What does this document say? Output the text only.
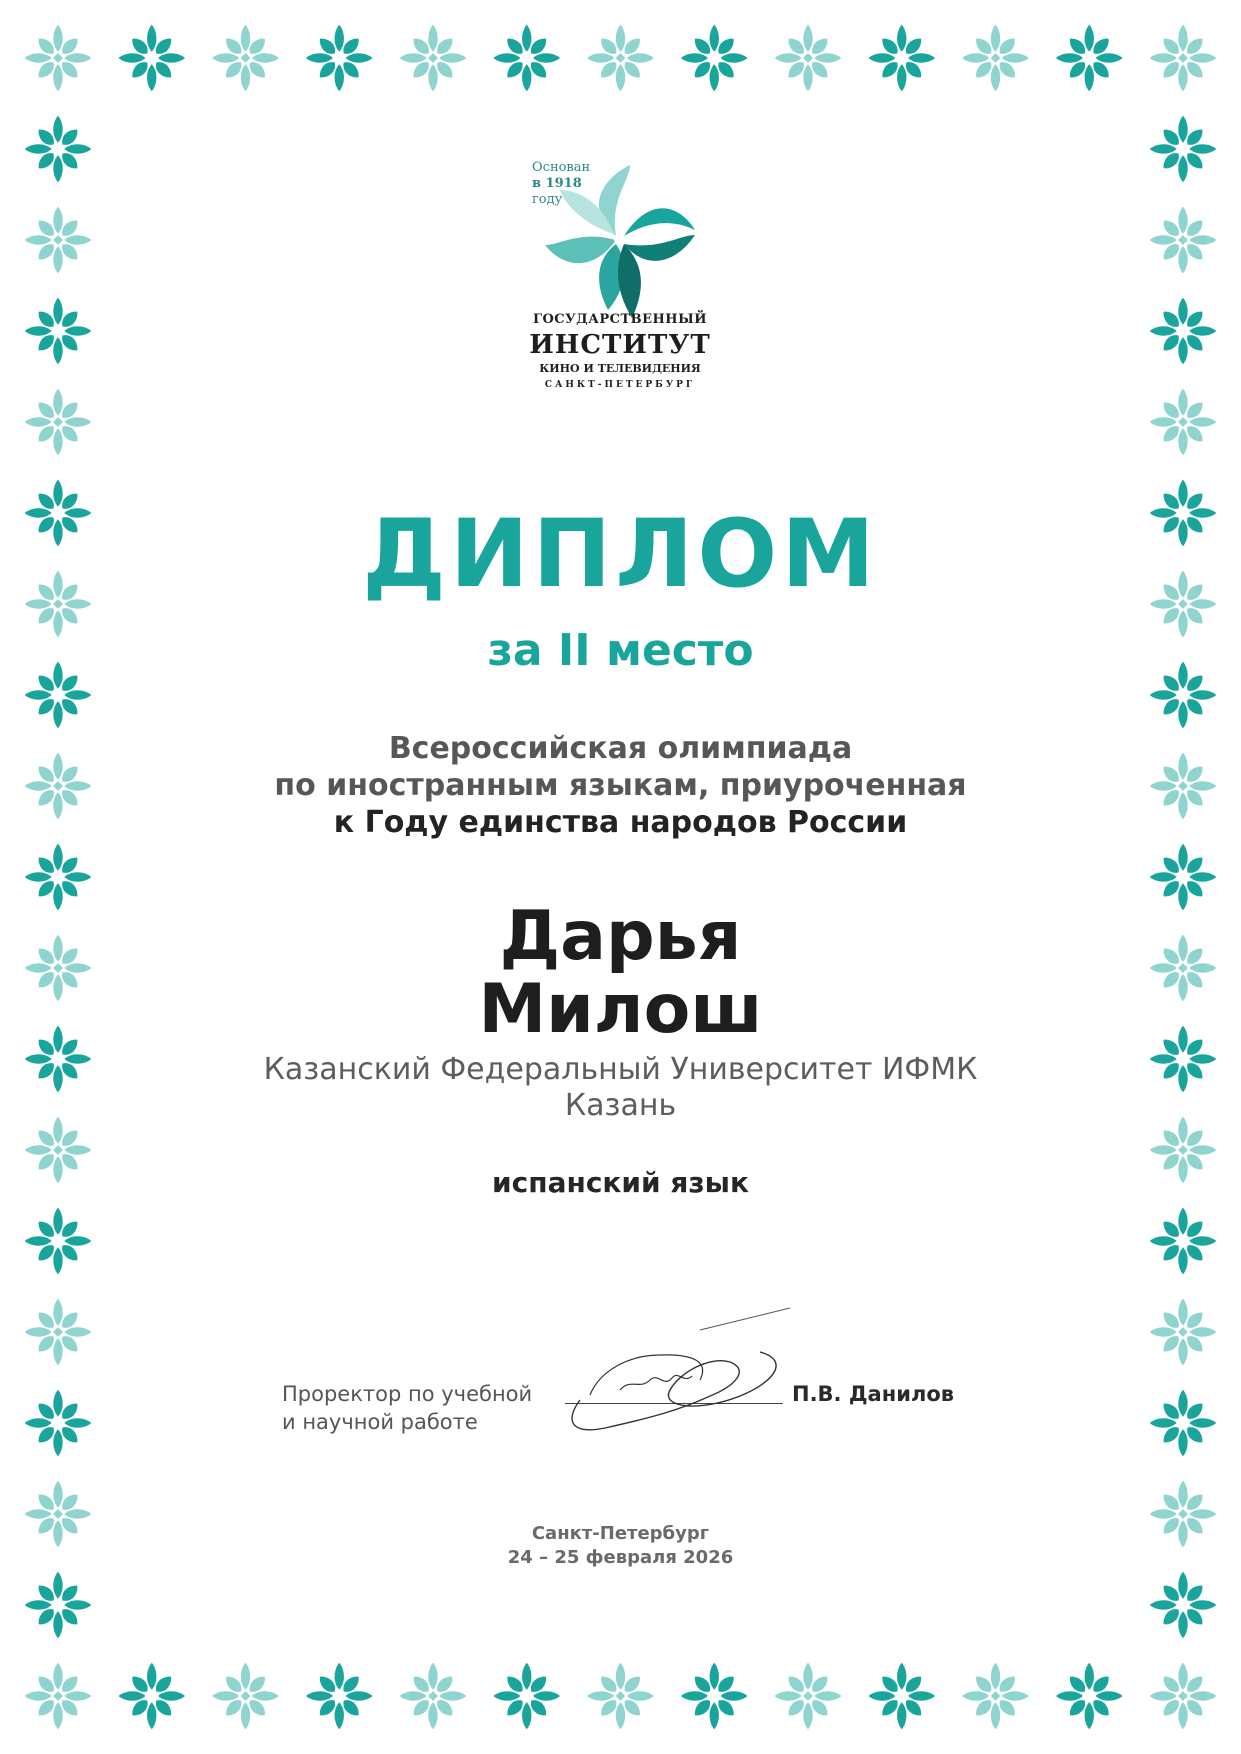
Основан
в 1918
году
ГОСУДАРСТВЕННЫЙ
ИНСТИТУТ
КИНО И ТЕЛЕВИДЕНИЯ
САНКТ-ПЕТЕРБУРГ
ДИПЛОМ
за II место
Всероссийская олимпиада
по иностранным языкам, приуроченная
к Году единства народов России
Дарья
Милош
Казанский Федеральный Университет ИФМК
Казань
испанский язык
Проректор по учебной
и научной работе
П.В. Данилов
Санкт-Петербург
24 – 25 февраля 2026
